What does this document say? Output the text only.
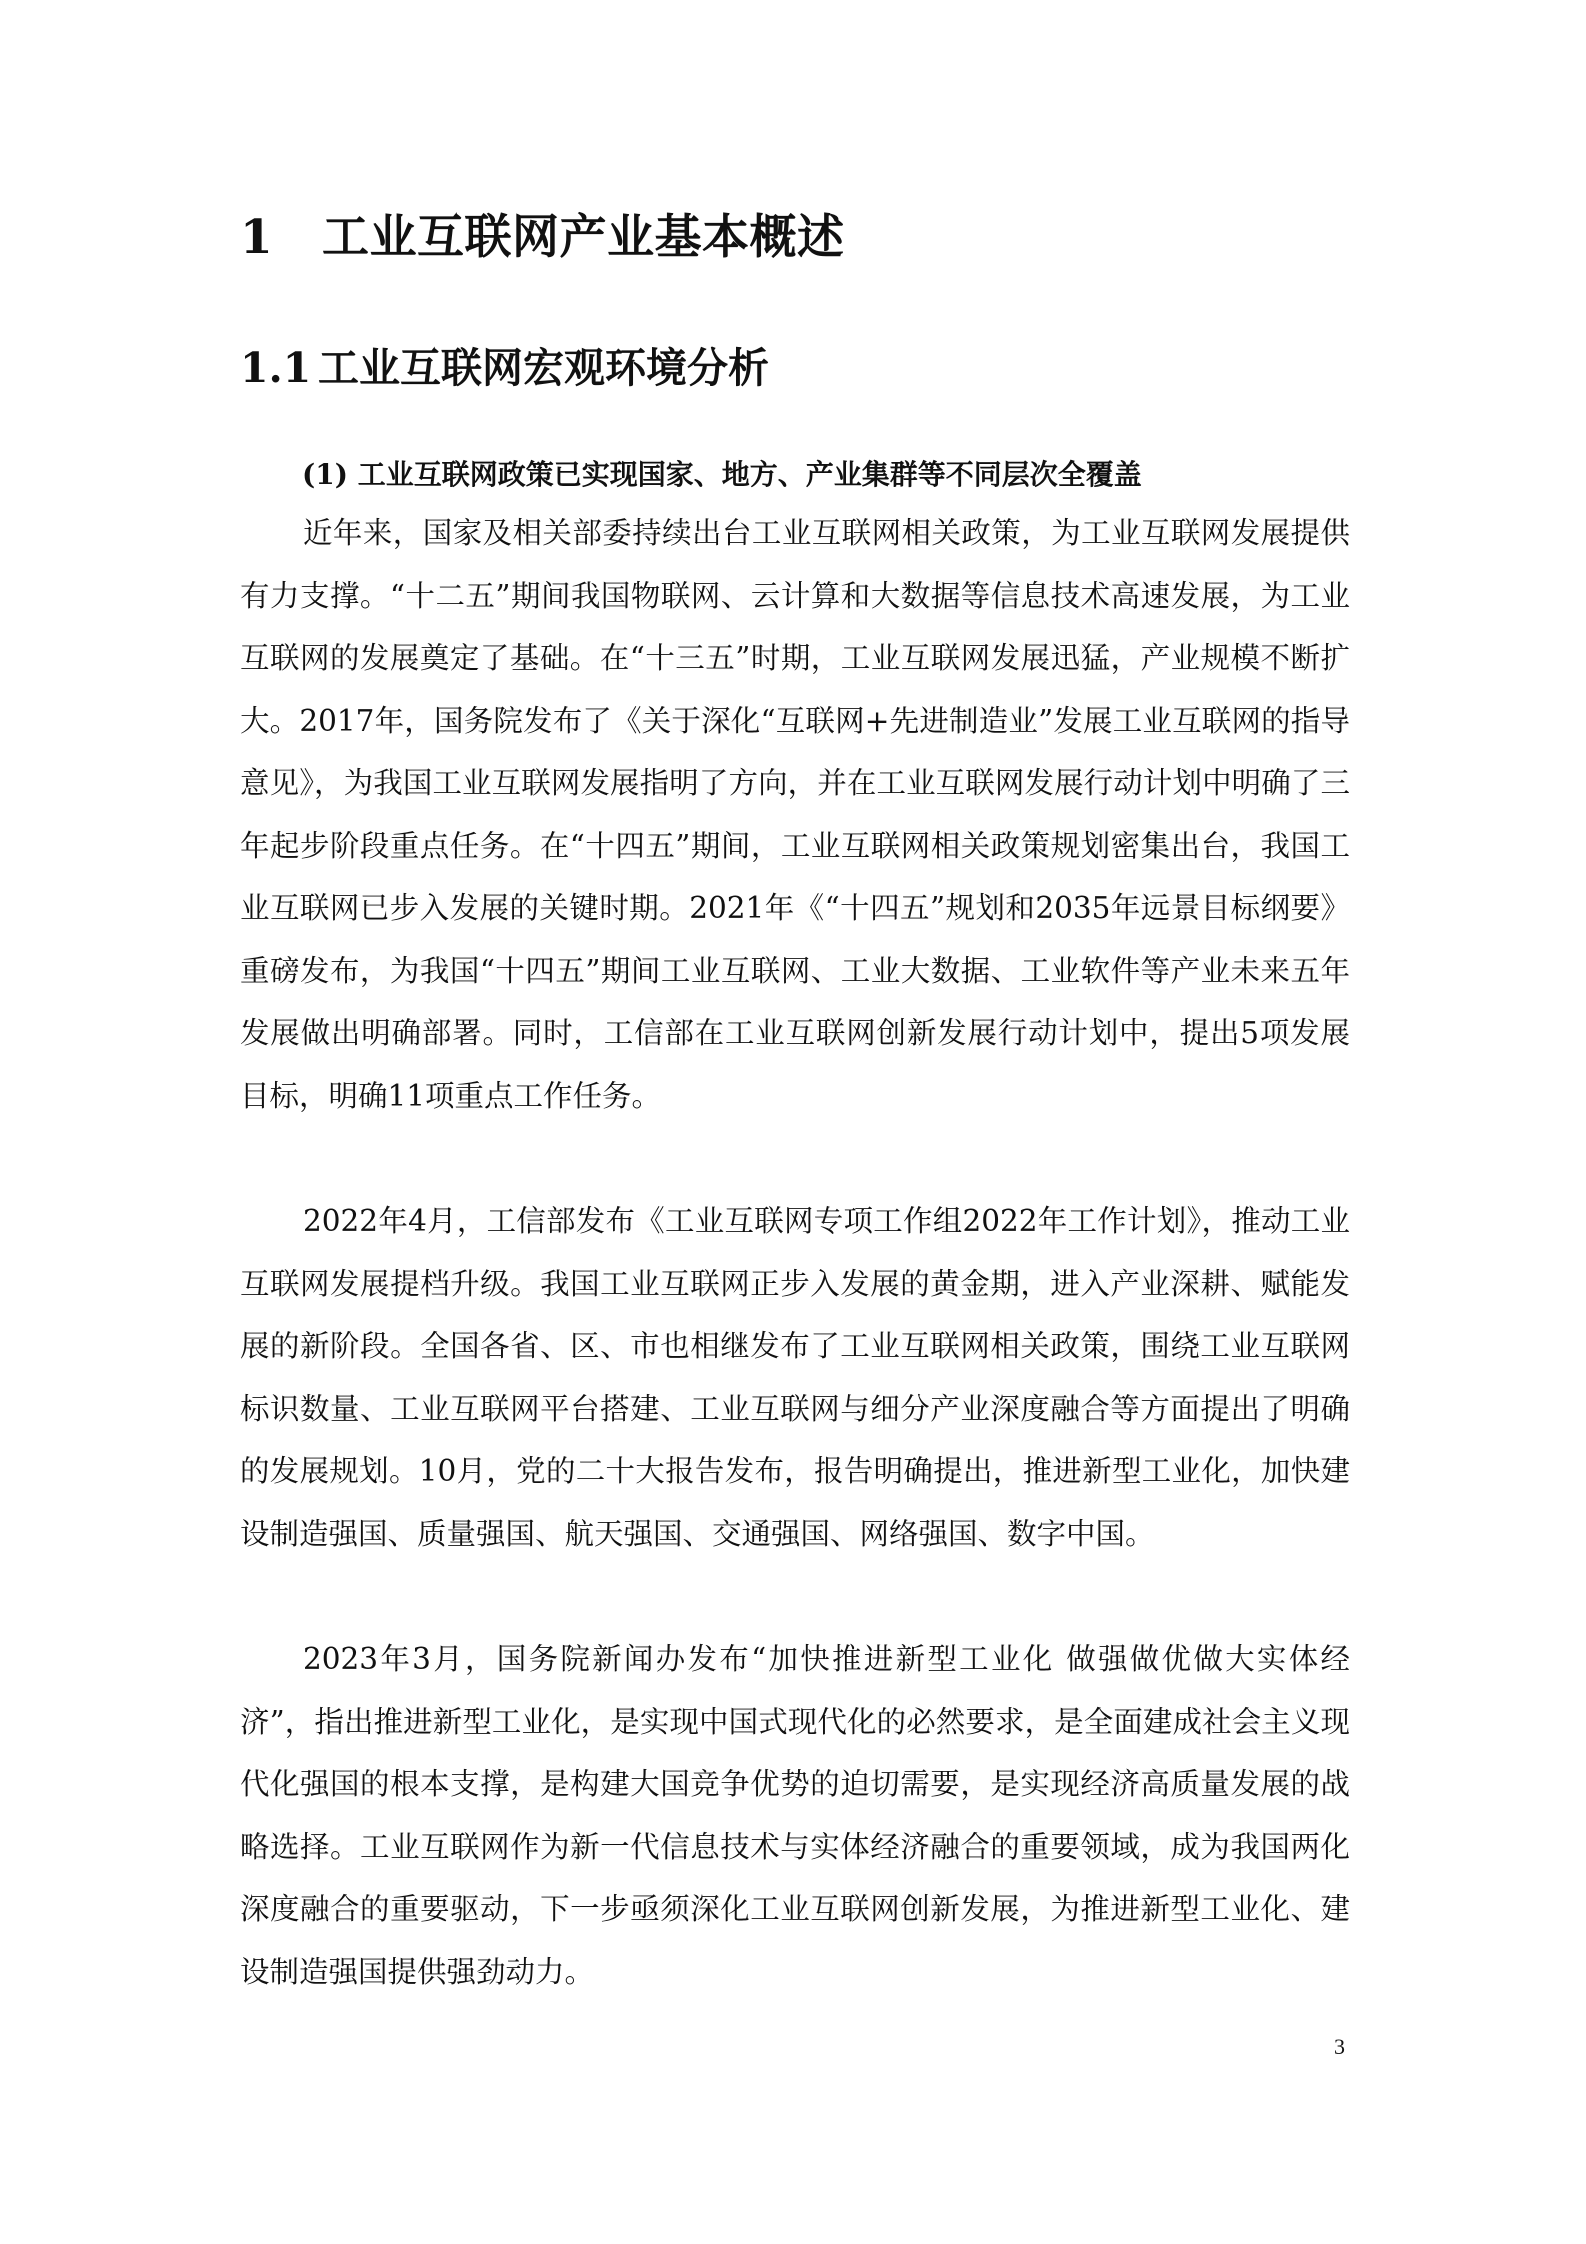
1 工业互联网产业基本概述
1.1 工业互联网宏观环境分析
(1) 工业互联网政策已实现国家、地方、产业集群等不同层次全覆盖

近年来，国家及相关部委持续出台工业互联网相关政策，为工业互联网发展提供有力支撑。“十二五”期间我国物联网、云计算和大数据等信息技术高速发展，为工业互联网的发展奠定了基础。在“十三五”时期，工业互联网发展迅猛，产业规模不断扩大。2017年，国务院发布了《关于深化“互联网+先进制造业”发展工业互联网的指导意见》，为我国工业互联网发展指明了方向，并在工业互联网发展行动计划中明确了三年起步阶段重点任务。在“十四五”期间，工业互联网相关政策规划密集出台，我国工业互联网已步入发展的关键时期。2021年《“十四五”规划和2035年远景目标纲要》重磅发布，为我国“十四五”期间工业互联网、工业大数据、工业软件等产业未来五年发展做出明确部署。同时，工信部在工业互联网创新发展行动计划中，提出5项发展目标，明确11项重点工作任务。

2022年4月，工信部发布《工业互联网专项工作组2022年工作计划》，推动工业互联网发展提档升级。我国工业互联网正步入发展的黄金期，进入产业深耕、赋能发展的新阶段。全国各省、区、市也相继发布了工业互联网相关政策，围绕工业互联网标识数量、工业互联网平台搭建、工业互联网与细分产业深度融合等方面提出了明确的发展规划。10月，党的二十大报告发布，报告明确提出，推进新型工业化，加快建设制造强国、质量强国、航天强国、交通强国、网络强国、数字中国。

2023年3月，国务院新闻办发布“加快推进新型工业化 做强做优做大实体经济”，指出推进新型工业化，是实现中国式现代化的必然要求，是全面建成社会主义现代化强国的根本支撑，是构建大国竞争优势的迫切需要，是实现经济高质量发展的战略选择。工业互联网作为新一代信息技术与实体经济融合的重要领域，成为我国两化深度融合的重要驱动，下一步亟须深化工业互联网创新发展，为推进新型工业化、建设制造强国提供强劲动力。

3
